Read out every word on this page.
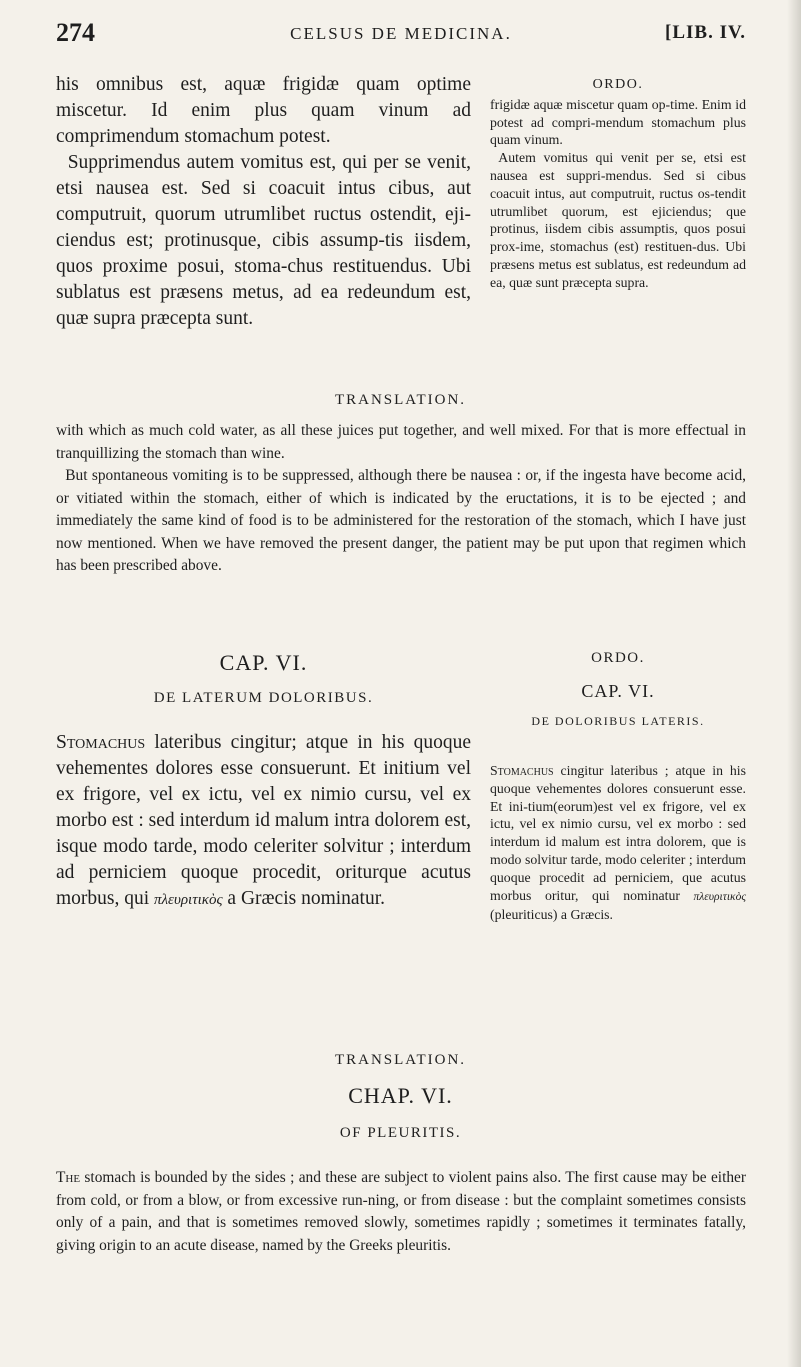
274	CELSUS DE MEDICINA.	[LIB. IV.

his omnibus est, aquæ frigidæ quam optime miscetur. Id enim plus quam vinum ad comprimendum stomachum potest.

Supprimendus autem vomitus est, qui per se venit, etsi nausea est. Sed si coacuit intus cibus, aut computruit, quorum utrumlibet ructus ostendit, eji-ciendus est; protinusque, cibis assump-tis iisdem, quos proxime posui, stoma-chus restituendus. Ubi sublatus est præsens metus, ad ea redeundum est, quæ supra præcepta sunt.

ORDO.

frigidæ aquæ miscetur quam op-time. Enim id potest ad compri-mendum stomachum plus quam vinum.

Autem vomitus qui venit per se, etsi est nausea est suppri-mendus. Sed si cibus coacuit intus, aut computruit, ructus os-tendit utrumlibet quorum, est ejiciendus; que protinus, iisdem cibis assumptis, quos posui prox-ime, stomachus (est) restituen-dus. Ubi præsens metus est sublatus, est redeundum ad ea, quæ sunt præcepta supra.

TRANSLATION.

with which as much cold water, as all these juices put together, and well mixed. For that is more effectual in tranquillizing the stomach than wine.

But spontaneous vomiting is to be suppressed, although there be nausea : or, if the ingesta have become acid, or vitiated within the stomach, either of which is indicated by the eructations, it is to be ejected ; and immediately the same kind of food is to be administered for the restoration of the stomach, which I have just now mentioned. When we have removed the present danger, the patient may be put upon that regimen which has been prescribed above.

CAP. VI.
DE LATERUM DOLORIBUS.

Stomachus lateribus cingitur; atque in his quoque vehementes dolores esse consuerunt. Et initium vel ex frigore, vel ex ictu, vel ex nimio cursu, vel ex morbo est : sed interdum id malum intra dolorem est, isque modo tarde, modo celeriter solvitur ; interdum ad perniciem quoque procedit, oriturque acutus morbus, qui πλευριτικὸς a Græcis nominatur.

ORDO.
CAP. VI.
DE DOLORIBUS LATERIS.

Stomachus cingitur lateribus ; atque in his quoque vehementes dolores consuerunt esse. Et ini-tium(eorum)est vel ex frigore, vel ex ictu, vel ex nimio cursu, vel ex morbo : sed interdum id malum est intra dolorem, que is modo solvitur tarde, modo celeriter ; interdum quoque procedit ad perniciem, que acutus morbus oritur, qui nominatur πλευριτικὸς (pleuriticus) a Græcis.

TRANSLATION.
CHAP. VI.
OF PLEURITIS.

The stomach is bounded by the sides ; and these are subject to violent pains also. The first cause may be either from cold, or from a blow, or from excessive run-ning, or from disease : but the complaint sometimes consists only of a pain, and that is sometimes removed slowly, sometimes rapidly ; sometimes it terminates fatally, giving origin to an acute disease, named by the Greeks pleuritis.
